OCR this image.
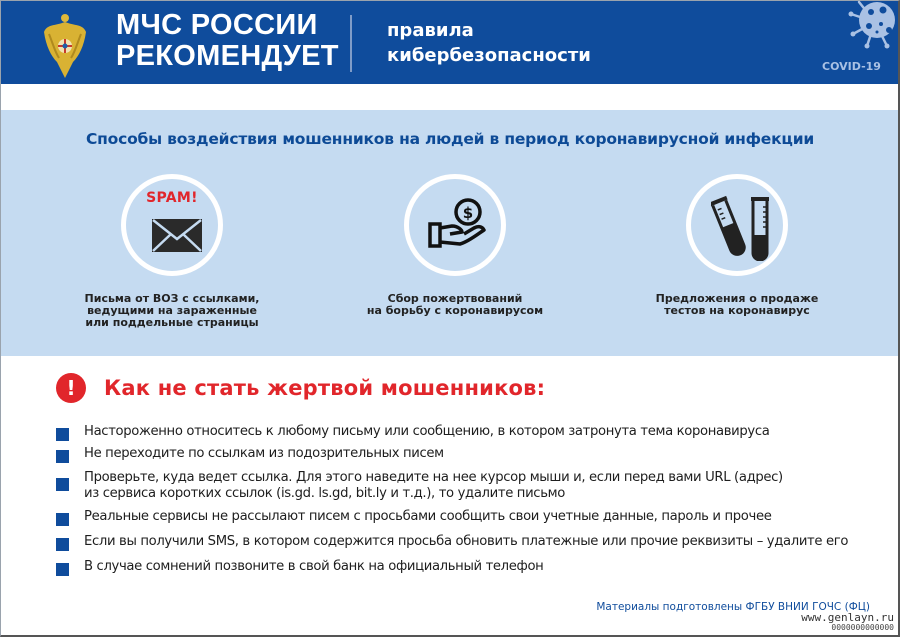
МЧС РОССИИ
РЕКОМЕНДУЕТ
правила
кибербезопасности
COVID-19
Способы воздействия мошенников на людей в период коронавирусной инфекции
SPAM!
Письма от ВОЗ с ссылками,
ведущими на зараженные
или поддельные страницы
$
Сбор пожертвований
на борьбу с коронавирусом
Предложения о продаже
тестов на коронавирус
!	Как не стать жертвой мошенников:
Настороженно относитесь к любому письму или сообщению, в котором затронута тема коронавируса
Не переходите по ссылкам из подозрительных писем
Проверьте, куда ведет ссылка. Для этого наведите на нее курсор мыши и, если перед вами URL (адрес)
из сервиса коротких ссылок (is.gd. ls.gd, bit.ly и т.д.), то удалите письмо
Реальные сервисы не рассылают писем с просьбами сообщить свои учетные данные, пароль и прочее
Если вы получили SMS, в котором содержится просьба обновить платежные или прочие реквизиты – удалите его
В случае сомнений позвоните в свой банк на официальный телефон
Материалы подготовлены ФГБУ ВНИИ ГОЧС (ФЦ)
www.genlayn.ru
0000000000000
